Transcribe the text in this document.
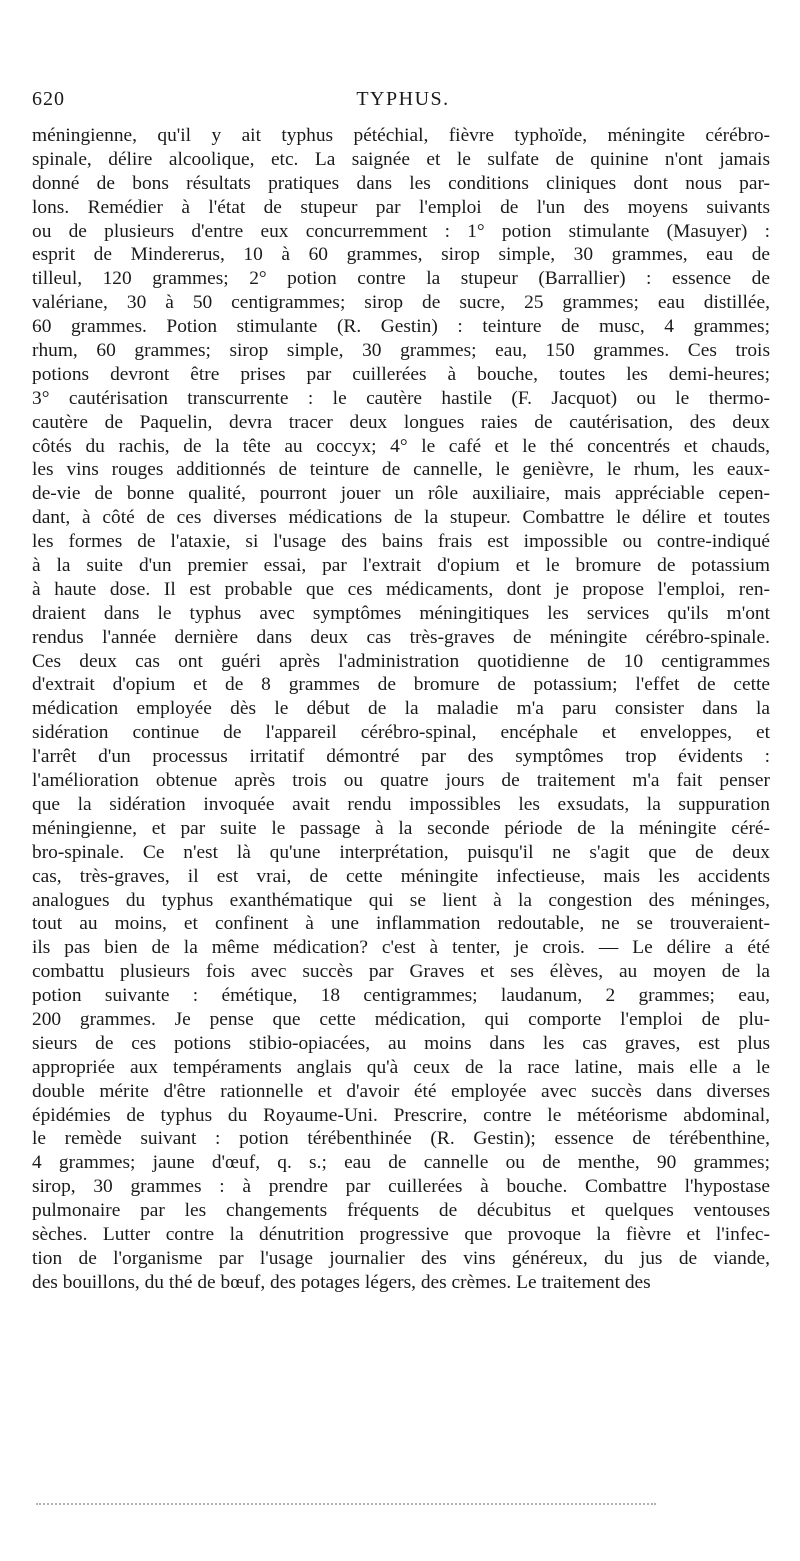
620	TYPHUS.
méningienne, qu'il y ait typhus pétéchial, fièvre typhoïde, méningite cérébro-
spinale, délire alcoolique, etc. La saignée et le sulfate de quinine n'ont jamais
donné de bons résultats pratiques dans les conditions cliniques dont nous par-
lons. Remédier à l'état de stupeur par l'emploi de l'un des moyens suivants
ou de plusieurs d'entre eux concurremment : 1° potion stimulante (Masuyer) :
esprit de Mindererus, 10 à 60 grammes, sirop simple, 30 grammes, eau de
tilleul, 120 grammes; 2° potion contre la stupeur (Barrallier) : essence de
valériane, 30 à 50 centigrammes; sirop de sucre, 25 grammes; eau distillée,
60 grammes. Potion stimulante (R. Gestin) : teinture de musc, 4 grammes;
rhum, 60 grammes; sirop simple, 30 grammes; eau, 150 grammes. Ces trois
potions devront être prises par cuillerées à bouche, toutes les demi-heures;
3° cautérisation transcurrente : le cautère hastile (F. Jacquot) ou le thermo-
cautère de Paquelin, devra tracer deux longues raies de cautérisation, des deux
côtés du rachis, de la tête au coccyx; 4° le café et le thé concentrés et chauds,
les vins rouges additionnés de teinture de cannelle, le genièvre, le rhum, les eaux-
de-vie de bonne qualité, pourront jouer un rôle auxiliaire, mais appréciable cepen-
dant, à côté de ces diverses médications de la stupeur. Combattre le délire et toutes
les formes de l'ataxie, si l'usage des bains frais est impossible ou contre-indiqué
à la suite d'un premier essai, par l'extrait d'opium et le bromure de potassium
à haute dose. Il est probable que ces médicaments, dont je propose l'emploi, ren-
draient dans le typhus avec symptômes méningitiques les services qu'ils m'ont
rendus l'année dernière dans deux cas très-graves de méningite cérébro-spinale.
Ces deux cas ont guéri après l'administration quotidienne de 10 centigrammes
d'extrait d'opium et de 8 grammes de bromure de potassium; l'effet de cette
médication employée dès le début de la maladie m'a paru consister dans la
sidération continue de l'appareil cérébro-spinal, encéphale et enveloppes, et
l'arrêt d'un processus irritatif démontré par des symptômes trop évidents :
l'amélioration obtenue après trois ou quatre jours de traitement m'a fait penser
que la sidération invoquée avait rendu impossibles les exsudats, la suppuration
méningienne, et par suite le passage à la seconde période de la méningite céré-
bro-spinale. Ce n'est là qu'une interprétation, puisqu'il ne s'agit que de deux
cas, très-graves, il est vrai, de cette méningite infectieuse, mais les accidents
analogues du typhus exanthématique qui se lient à la congestion des méninges,
tout au moins, et confinent à une inflammation redoutable, ne se trouveraient-
ils pas bien de la même médication? c'est à tenter, je crois. — Le délire a été
combattu plusieurs fois avec succès par Graves et ses élèves, au moyen de la
potion suivante : émétique, 18 centigrammes; laudanum, 2 grammes; eau,
200 grammes. Je pense que cette médication, qui comporte l'emploi de plu-
sieurs de ces potions stibio-opiacées, au moins dans les cas graves, est plus
appropriée aux tempéraments anglais qu'à ceux de la race latine, mais elle a le
double mérite d'être rationnelle et d'avoir été employée avec succès dans diverses
épidémies de typhus du Royaume-Uni. Prescrire, contre le météorisme abdominal,
le remède suivant : potion térébenthinée (R. Gestin); essence de térébenthine,
4 grammes; jaune d'œuf, q. s.; eau de cannelle ou de menthe, 90 grammes;
sirop, 30 grammes : à prendre par cuillerées à bouche. Combattre l'hypostase
pulmonaire par les changements fréquents de décubitus et quelques ventouses
sèches. Lutter contre la dénutrition progressive que provoque la fièvre et l'infec-
tion de l'organisme par l'usage journalier des vins généreux, du jus de viande,
des bouillons, du thé de bœuf, des potages légers, des crèmes. Le traitement des
